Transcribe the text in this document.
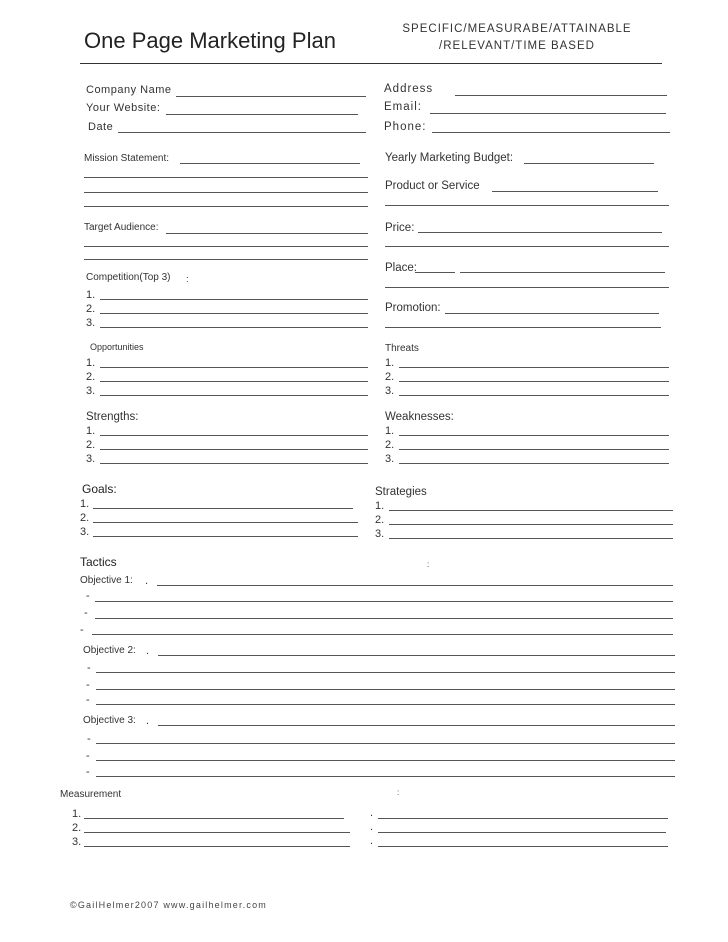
One Page Marketing Plan	SPECIFIC/MEASURABE/ATTAINABLE
/RELEVANT/TIME BASED
Company Name
Your Website:
Date
Address
Email:
Phone:
Mission Statement:	Yearly Marketing Budget:
Product or Service
Target Audience:	Price:
Place:
Competition(Top 3) :
1.
2.
3.
Promotion:
Opportunities
1.
2.
3.
Threats
1.
2.
3.
Strengths:
1.
2.
3.
Weaknesses:
1.
2.
3.
Goals:
1.
2.
3.
Strategies
1.
2.
3.
Tactics	:
Objective 1: .
-
-
-
Objective 2: .
-
-
-
Objective 3: .
-
-
-
Measurement	:
1.
2.
3.
.
.
.
©GailHelmer2007 www.gailhelmer.com
